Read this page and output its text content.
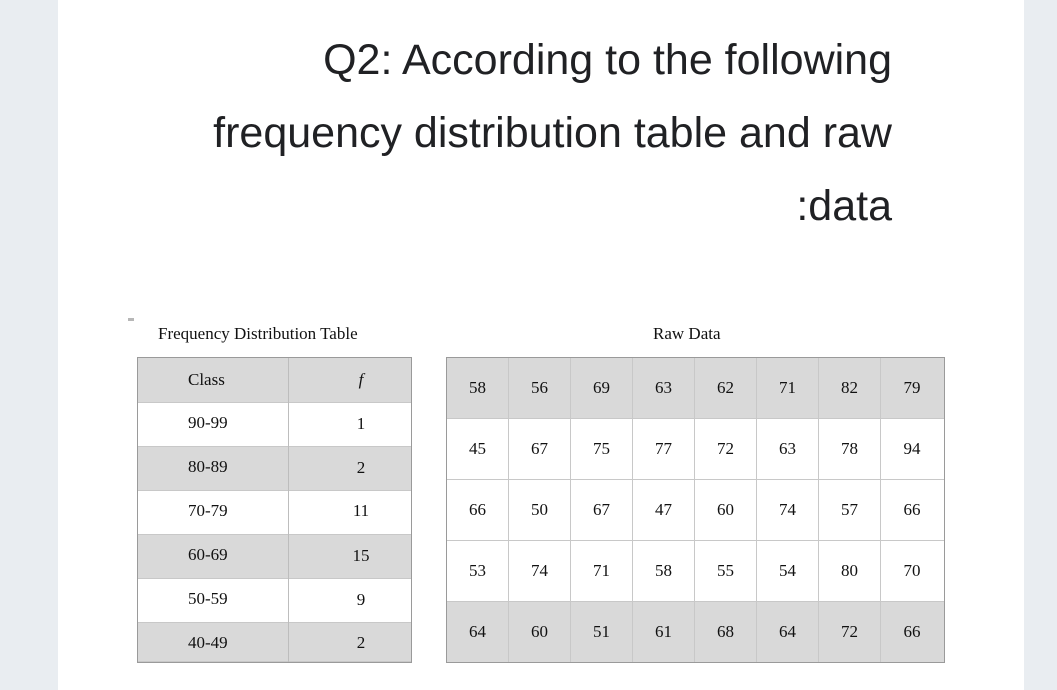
Q2: According to the following
frequency distribution table and raw
:data

Frequency Distribution Table	Raw Data

Class	f
90-99	1
80-89	2
70-79	11
60-69	15
50-59	9
40-49	2
58	56	69	63	62	71	82	79
45	67	75	77	72	63	78	94
66	50	67	47	60	74	57	66
53	74	71	58	55	54	80	70
64	60	51	61	68	64	72	66
